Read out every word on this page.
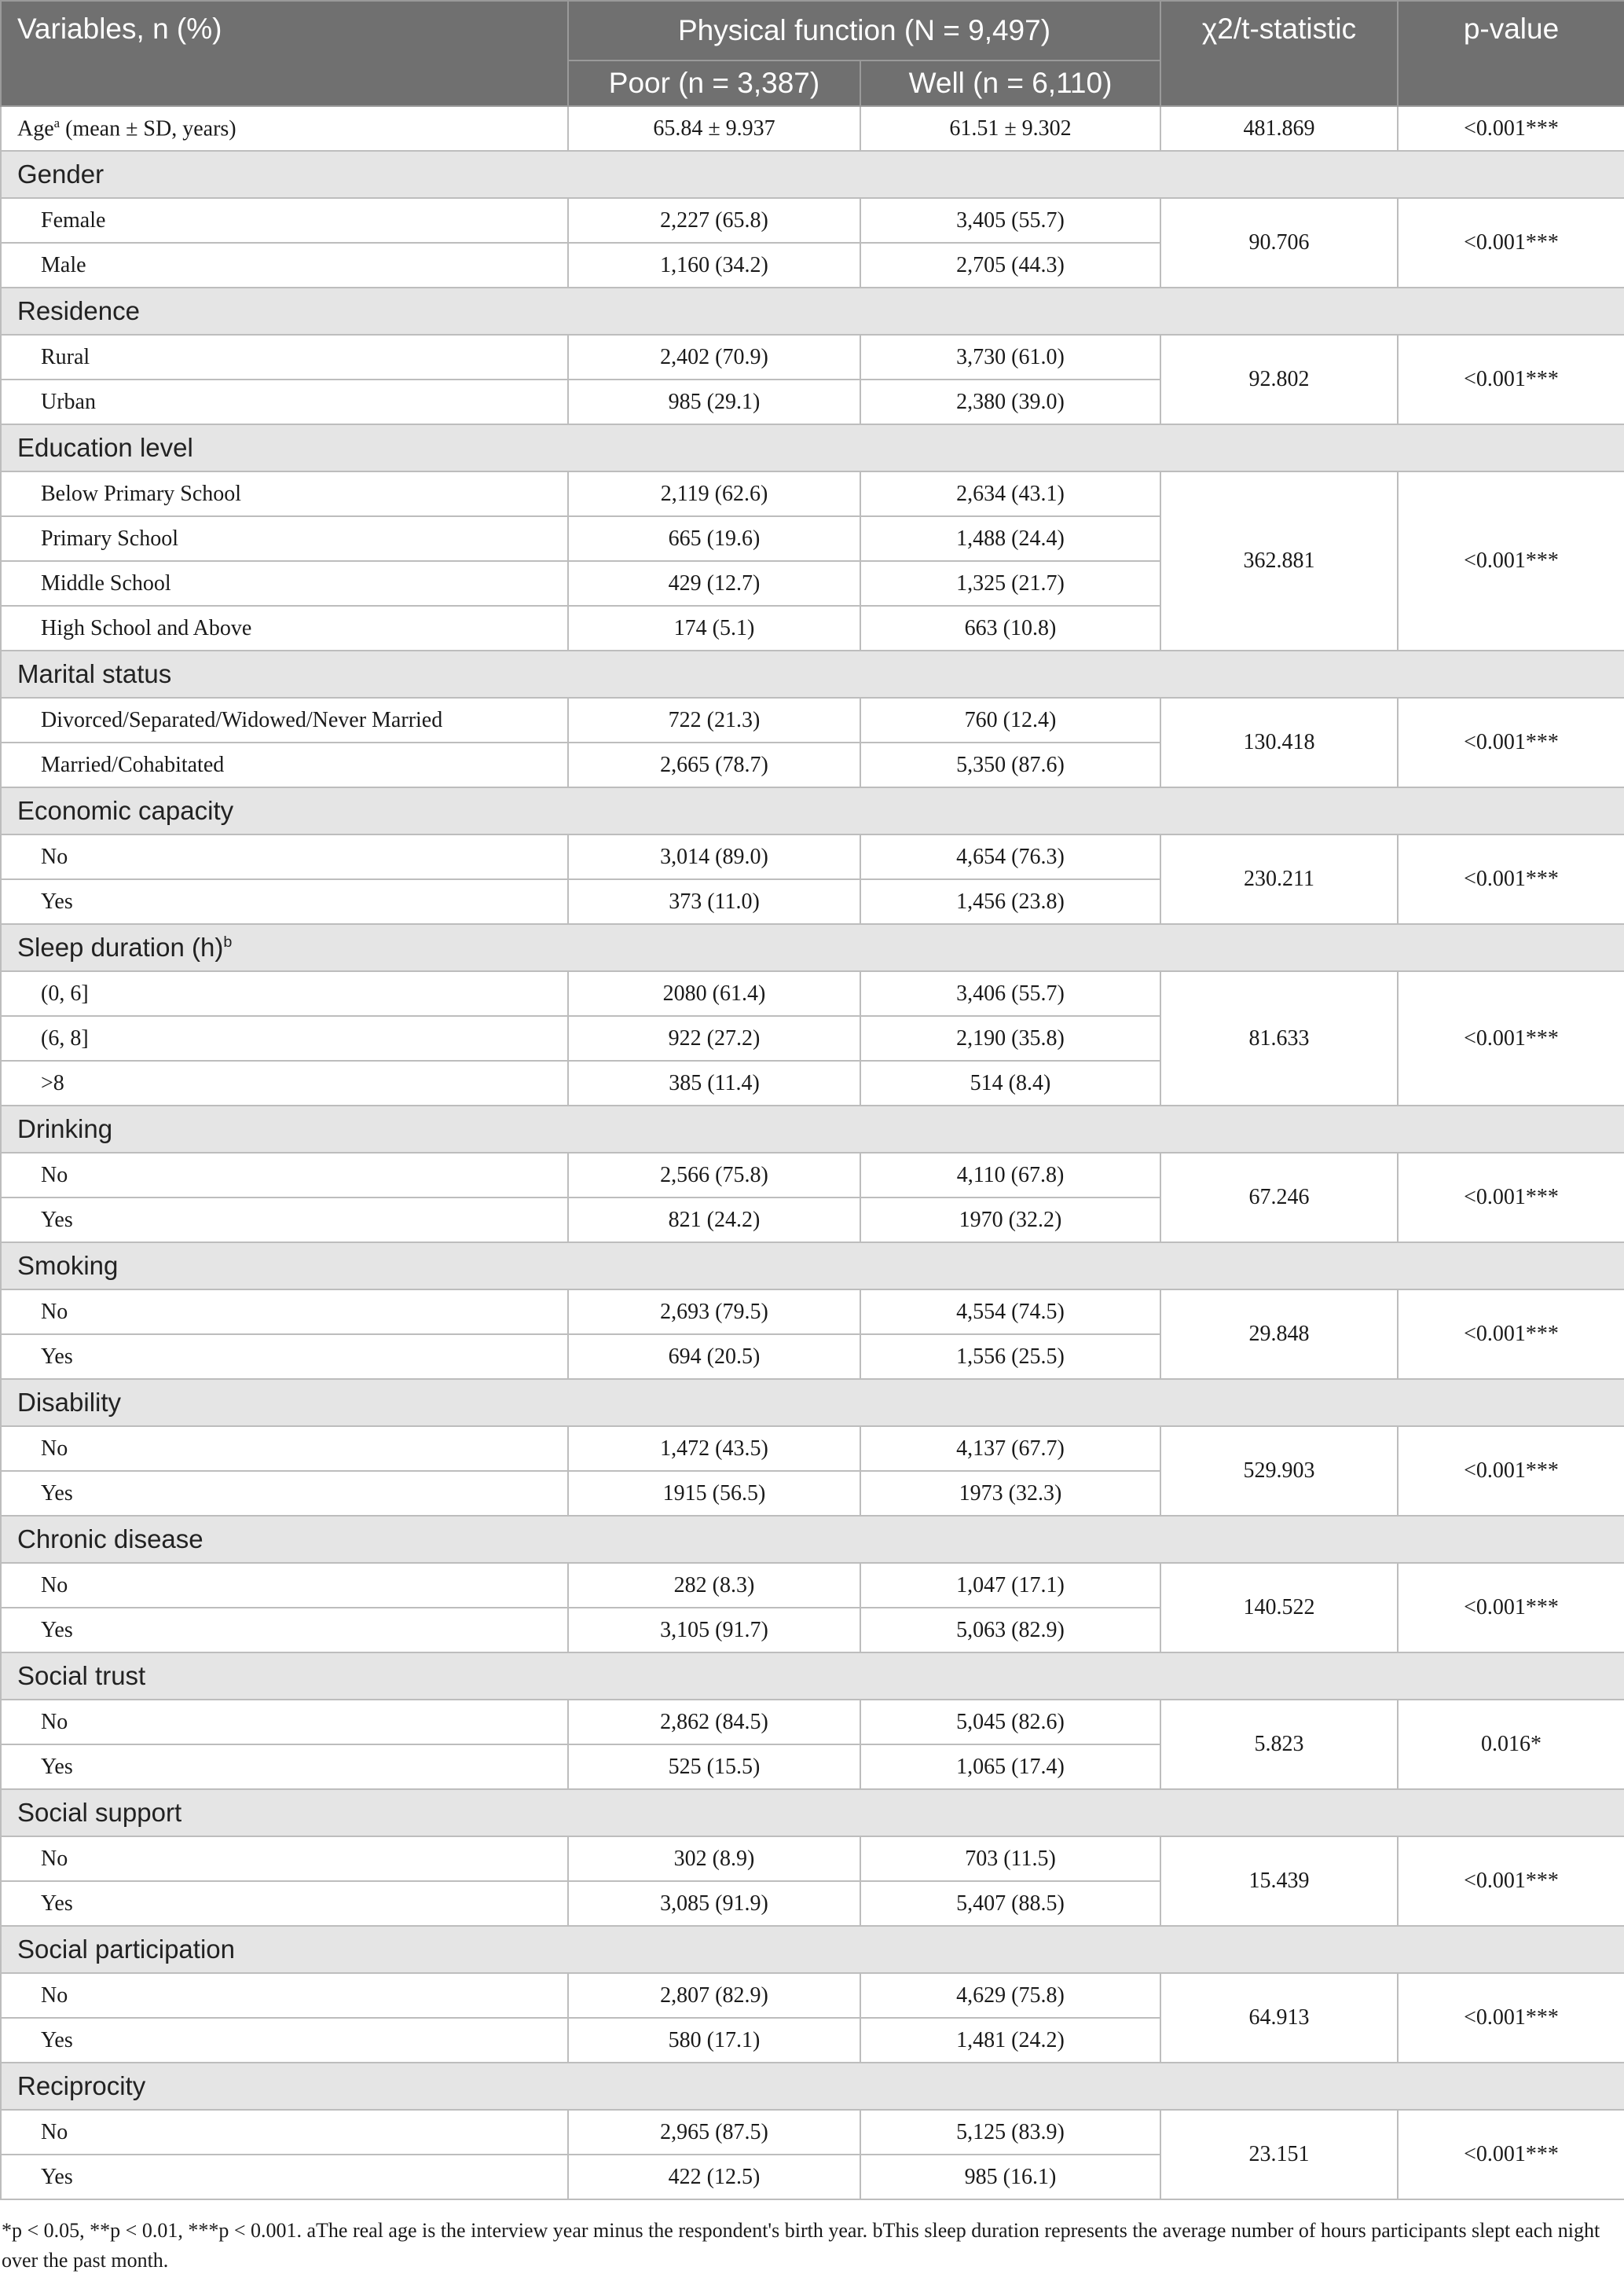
Variables, n (%)	Physical function (N = 9,497)		χ2/t-statistic	p-value
	Poor (n = 3,387)	Well (n = 6,110)		
Age$^a$ (mean ± SD, years)	65.84 ± 9.937	61.51 ± 9.302	481.869	<0.001***
Gender				
Female	2,227 (65.8)	3,405 (55.7)	90.706	<0.001***
Male	1,160 (34.2)	2,705 (44.3)		
Residence				
Rural	2,402 (70.9)	3,730 (61.0)	92.802	<0.001***
Urban	985 (29.1)	2,380 (39.0)		
Education level				
Below Primary School	2,119 (62.6)	2,634 (43.1)	362.881	<0.001***
Primary School	665 (19.6)	1,488 (24.4)		
Middle School	429 (12.7)	1,325 (21.7)		
High School and Above	174 (5.1)	663 (10.8)		
Marital status				
Divorced/Separated/Widowed/Never Married	722 (21.3)	760 (12.4)	130.418	<0.001***
Married/Cohabitated	2,665 (78.7)	5,350 (87.6)		
Economic capacity				
No	3,014 (89.0)	4,654 (76.3)	230.211	<0.001***
Yes	373 (11.0)	1,456 (23.8)		
Sleep duration $(h)^b$
(0, 6]	2080 (61.4)	3,406 (55.7)	81.633	<0.001***
(6, 8]	922 (27.2)	2,190 (35.8)		
>8	385 (11.4)	514 (8.4)		
Drinking				
No	2,566 (75.8)	4,110 (67.8)	67.246	<0.001***
Yes	821 (24.2)	1970 (32.2)		
Smoking				
No	2,693 (79.5)	4,554 (74.5)	29.848	<0.001***
Yes	694 (20.5)	1,556 (25.5)		
Disability				
No	1,472 (43.5)	4,137 (67.7)	529.903	<0.001***
Yes	1915 (56.5)	1973 (32.3)		
Chronic disease				
No	282 (8.3)	1,047 (17.1)	140.522	<0.001***
Yes	3,105 (91.7)	5,063 (82.9)		
Social trust				
No	2,862 (84.5)	5,045 (82.6)	5.823	0.016*
Yes	525 (15.5)	1,065 (17.4)		
Social support				
No	302 (8.9)	703 (11.5)	15.439	<0.001***
Yes	3,085 (91.9)	5,407 (88.5)		
Social participation				
No	2,807 (82.9)	4,629 (75.8)	64.913	<0.001***
Yes	580 (17.1)	1,481 (24.2)		
Reciprocity				
No	2,965 (87.5)	5,125 (83.9)	23.151	<0.001***
Yes	422 (12.5)	985 (16.1)		
*p < 0.05, **p < 0.01, ***p < 0.001. aThe real age is the interview year minus the respondent's birth year. bThis sleep duration represents the average number of hours participants slept each night over the past month.
